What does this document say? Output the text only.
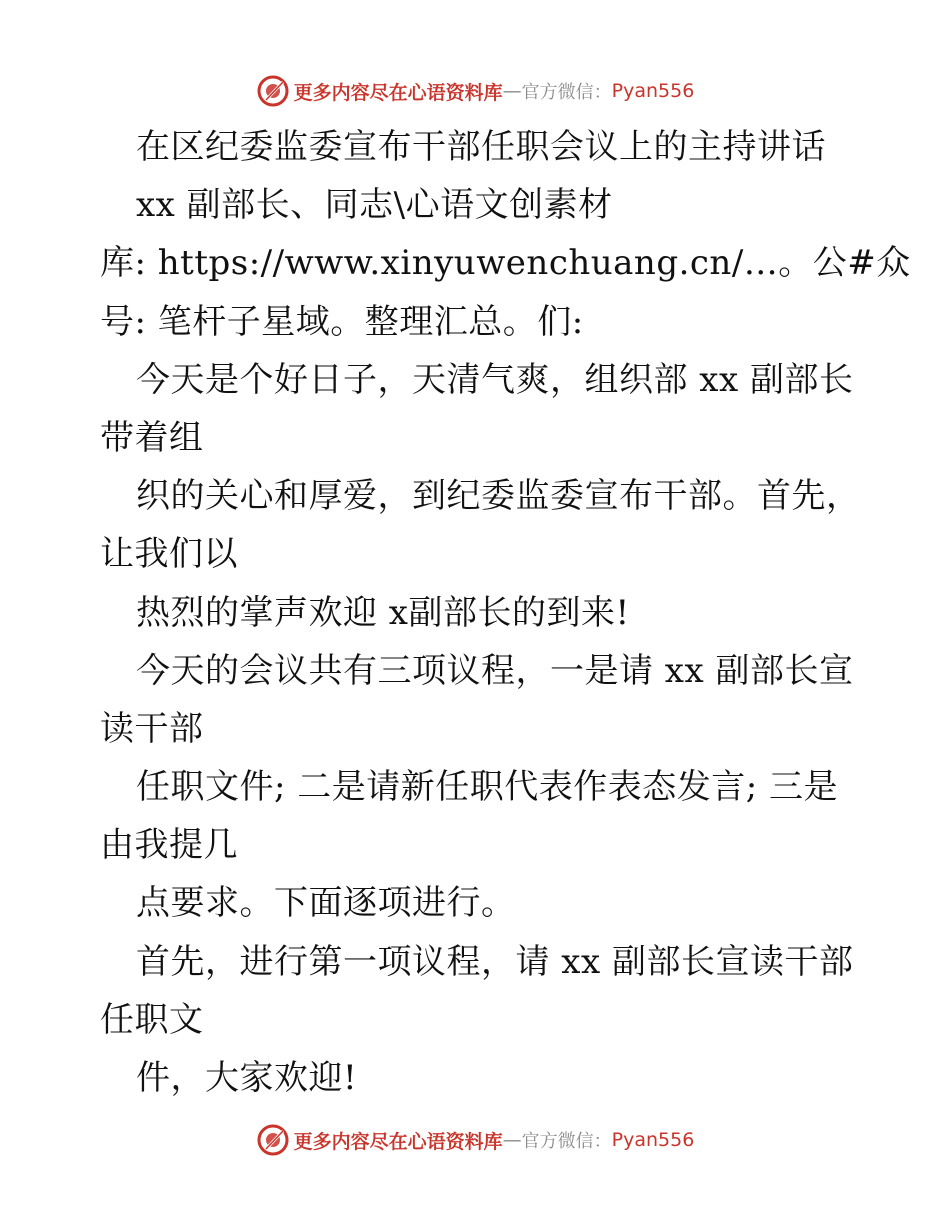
更多内容尽在心语资料库 — 官方微信： Pyan556
在区纪委监委宣布干部任职会议上的主持讲话
xx 副部长、同志\心语文创素材
库: https://www.xinyuwenchuang.cn/…。公#众
号: 笔杆子星域。整理汇总。们:
今天是个好日子，天清气爽，组织部 xx 副部长
带着组
织的关心和厚爱，到纪委监委宣布干部。首先，
让我们以
热烈的掌声欢迎 x副部长的到来!
今天的会议共有三项议程，一是请 xx 副部长宣
读干部
任职文件; 二是请新任职代表作表态发言; 三是
由我提几
点要求。下面逐项进行。
首先，进行第一项议程，请 xx 副部长宣读干部
任职文
件，大家欢迎!
更多内容尽在心语资料库 — 官方微信： Pyan556
